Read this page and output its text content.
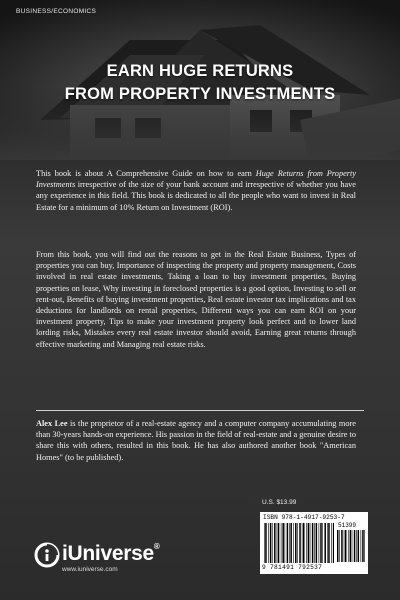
BUSINESS/ECONOMICS
EARN HUGE RETURNS
FROM PROPERTY INVESTMENTS
This book is about A Comprehensive Guide on how to earn Huge Returns from Property Investments irrespective of the size of your bank account and irrespective of whether you have any experience in this field. This book is dedicated to all the people who want to invest in Real Estate for a minimum of 10% Return on Investment (ROI).
From this book, you will find out the reasons to get in the Real Estate Business, Types of properties you can buy, Importance of inspecting the property and property management, Costs involved in real estate investments, Taking a loan to buy investment properties, Buying properties on lease, Why investing in foreclosed properties is a good option, Investing to sell or rent-out, Benefits of buying investment properties, Real estate investor tax implications and tax deductions for landlords on rental properties, Different ways you can earn ROI on your investment property, Tips to make your investment property look perfect and to lower land lording risks, Mistakes every real estate investor should avoid, Earning great returns through effective marketing and Managing real estate risks.
Alex Lee is the proprietor of a real-estate agency and a computer company accumulating more than 30-years hands-on experience. His passion in the field of real-estate and a genuine desire to share this with others, resulted in this book. He has also authored another book "American Homes" (to be published).
U.S. $13.99
ISBN 978-1-4917-9253-7
51399
9 781491 792537
iUniverse®
www.iuniverse.com
